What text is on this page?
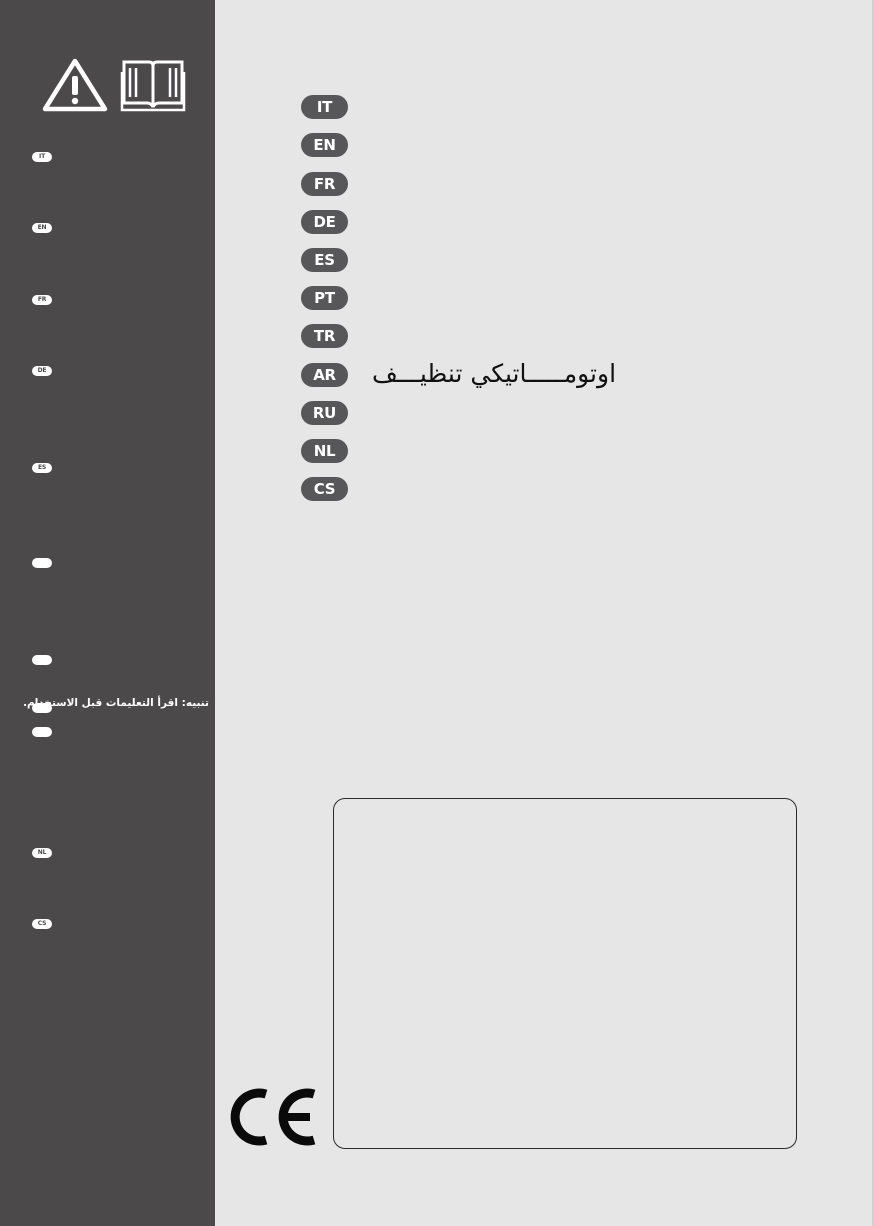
IT
EN
FR
DE
ES
تنبيه: اقرأ التعليمات قبل الاستخدام.
NL
CS
IT
EN
FR
DE
ES
PT
TR
AR	اوتومـــــاتيكي تنظيـــف
RU
NL
CS
